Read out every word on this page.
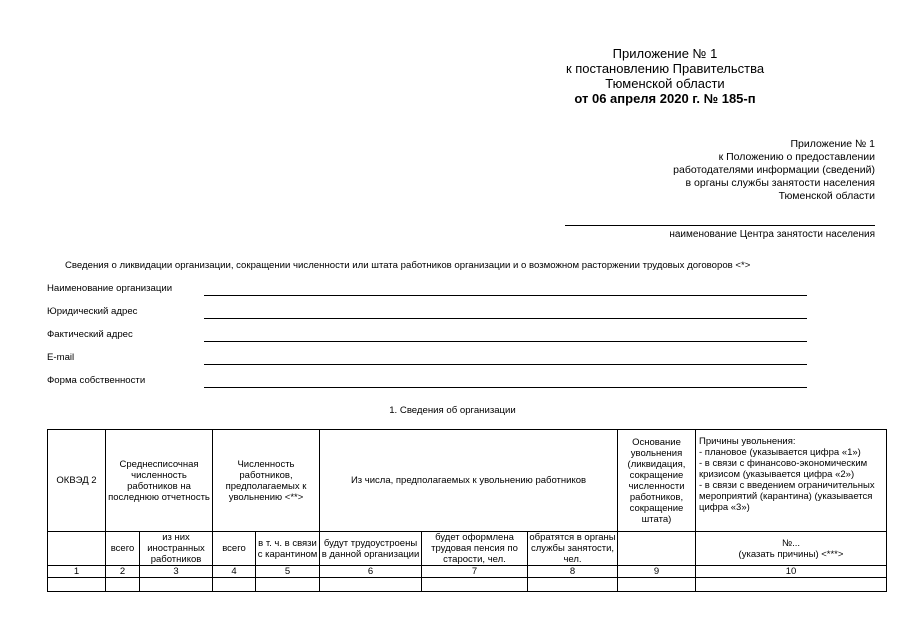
Приложение № 1
к постановлению Правительства
Тюменской области
от 06 апреля 2020 г. № 185-п
Приложение № 1
к Положению о предоставлении
работодателями информации (сведений)
в органы службы занятости населения
Тюменской области
наименование Центра занятости населения
Сведения о ликвидации организации, сокращении численности или штата работников организации и о возможном расторжении трудовых договоров <*>
Наименование организации
Юридический адрес
Фактический адрес
E-mail
Форма собственности
1. Сведения об организации
ОКВЭД 2	Среднесписочная численность работников на последнюю отчетность		Численность работников, предполагаемых к увольнению <**>		Из числа, предполагаемых к увольнению работников			Основание увольнения (ликвидация, сокращение численности работников, сокращение штата)	Причины увольнения:
- плановое (указывается цифра «1»)
- в связи с финансово-экономическим кризисом (указывается цифра «2»)
- в связи с введением ограничительных мероприятий (карантина) (указывается цифра «3»)

	всего	из них иностранных работников	всего	в т. ч. в связи с карантином	будут трудоустроены в данной организации	будет оформлена трудовая пенсия по старости, чел.	обратятся в органы службы занятости, чел.		№...
(указать причины) <***>

1	2	3	4	5	6	7	8	9	10
